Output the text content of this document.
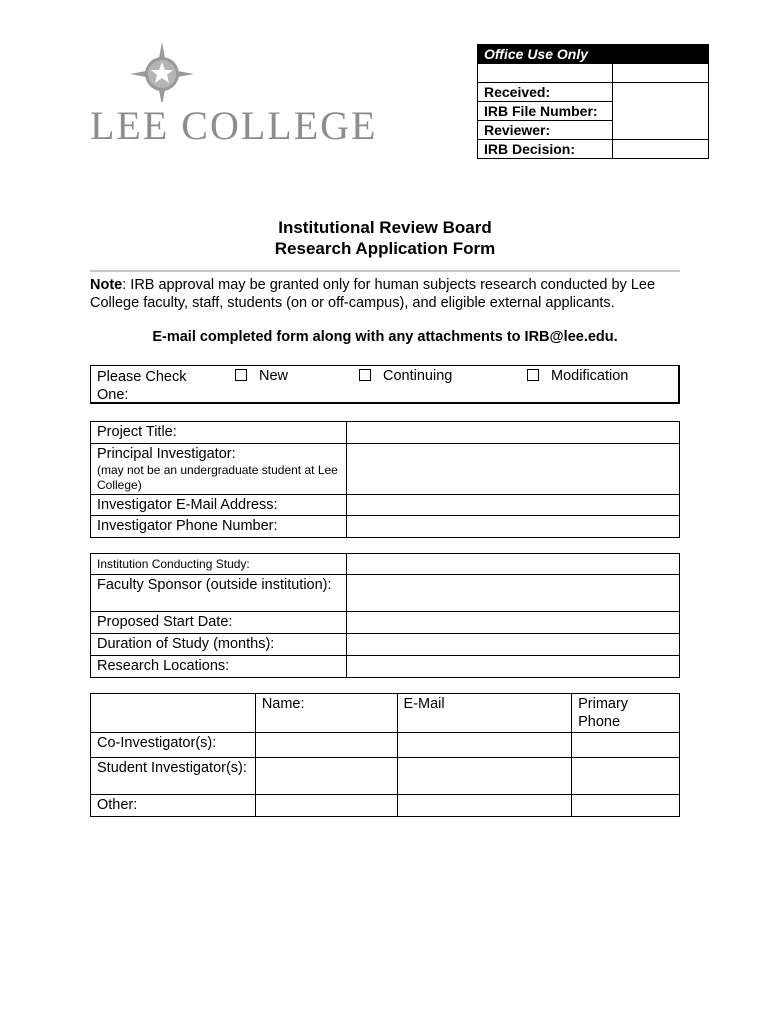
LEE COLLEGE
Office Use Only	

Received:	
IRB File Number:	
Reviewer:	
IRB Decision:	
Institutional Review Board
Research Application Form
Note: IRB approval may be granted only for human subjects research conducted by Lee College faculty, staff, students (on or off-campus), and eligible external applicants.
E-mail completed form along with any attachments to IRB@lee.edu.
Please Check One:
New	Continuing	Modification
Project Title:	

Principal Investigator:
(may not be an undergraduate student at Lee College)	

Investigator E-Mail Address:	
Investigator Phone Number:	
Institution Conducting Study:	
Faculty Sponsor (outside institution):	
Proposed Start Date:	
Duration of Study (months):	
Research Locations:	
	Name:	E-Mail	Primary Phone
Co-Investigator(s):			
Student Investigator(s):			
Other:			
